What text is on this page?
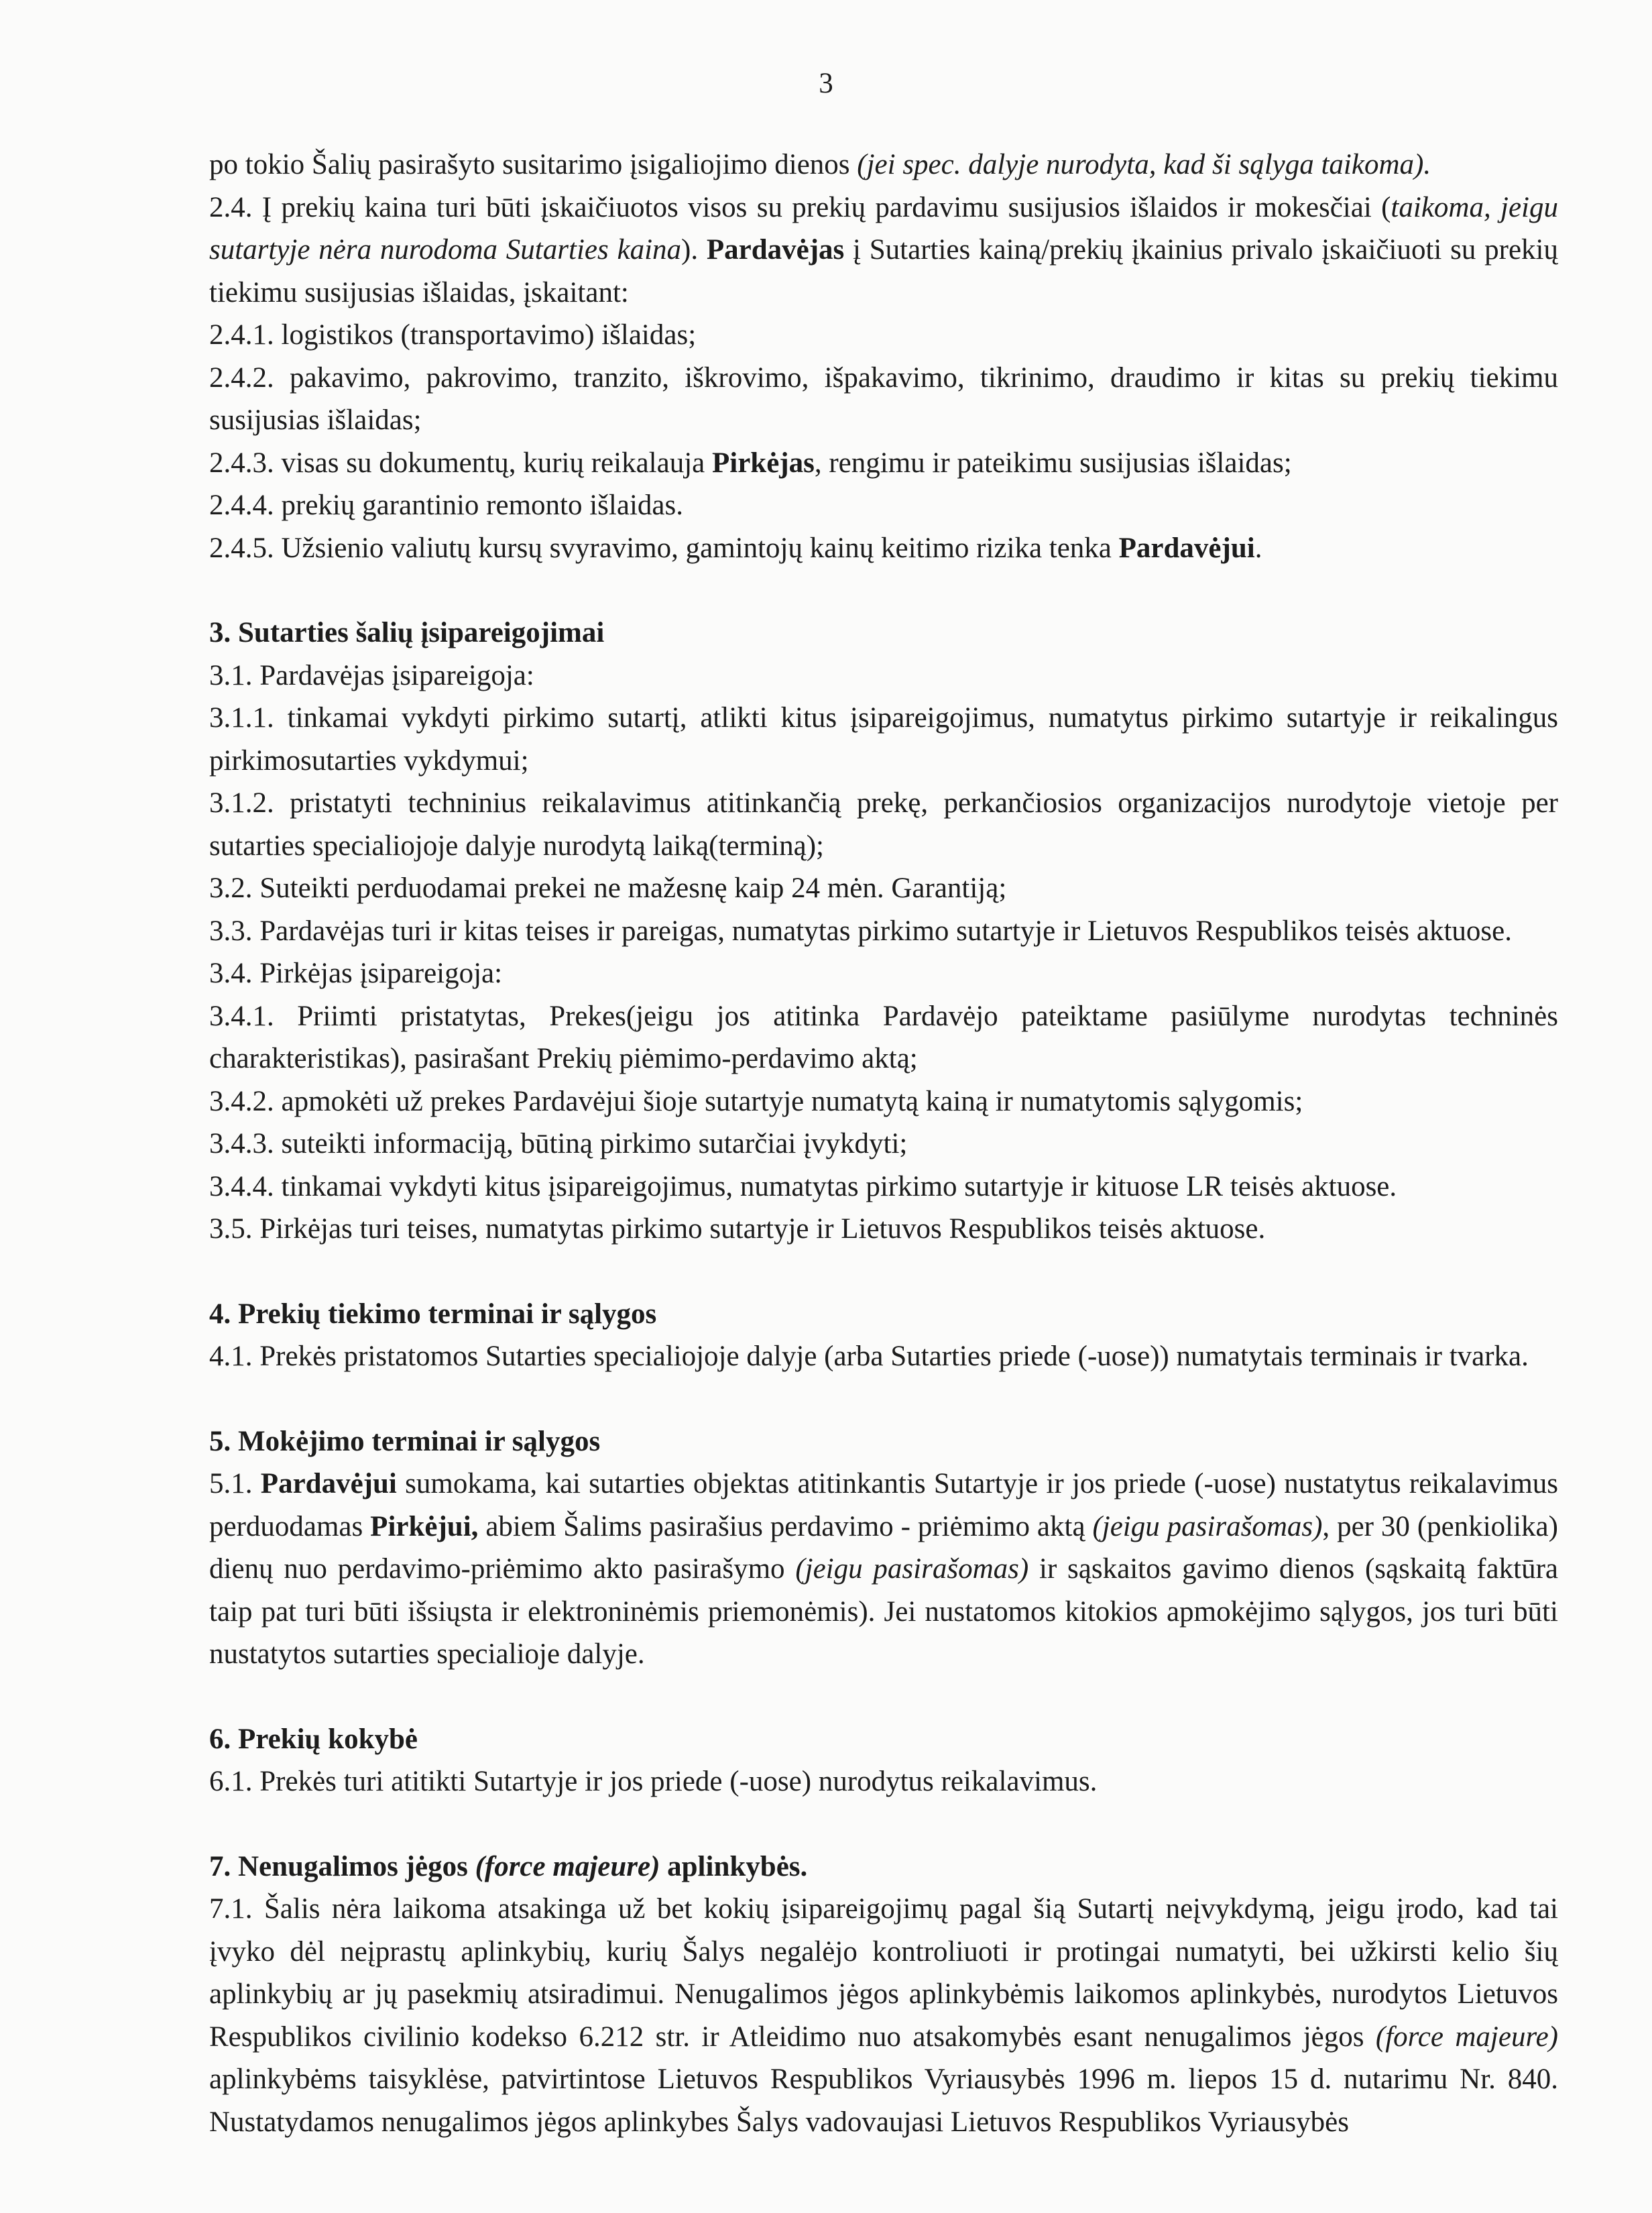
3

po tokio Šalių pasirašyto susitarimo įsigaliojimo dienos (jei spec. dalyje nurodyta, kad ši sąlyga taikoma).

2.4. Į prekių kaina turi būti įskaičiuotos visos su prekių pardavimu susijusios išlaidos ir mokesčiai (taikoma, jeigu sutartyje nėra nurodoma Sutarties kaina). Pardavėjas į Sutarties kainą/prekių įkainius privalo įskaičiuoti su prekių tiekimu susijusias išlaidas, įskaitant:

2.4.1. logistikos (transportavimo) išlaidas;

2.4.2. pakavimo, pakrovimo, tranzito, iškrovimo, išpakavimo, tikrinimo, draudimo ir kitas su prekių tiekimu susijusias išlaidas;

2.4.3. visas su dokumentų, kurių reikalauja Pirkėjas, rengimu ir pateikimu susijusias išlaidas;

2.4.4. prekių garantinio remonto išlaidas.

2.4.5. Užsienio valiutų kursų svyravimo, gamintojų kainų keitimo rizika tenka Pardavėjui.

3. Sutarties šalių įsipareigojimai

3.1. Pardavėjas įsipareigoja:

3.1.1. tinkamai vykdyti pirkimo sutartį, atlikti kitus įsipareigojimus, numatytus pirkimo sutartyje ir reikalingus pirkimosutarties vykdymui;

3.1.2. pristatyti techninius reikalavimus atitinkančią prekę, perkančiosios organizacijos nurodytoje vietoje per sutarties specialiojoje dalyje nurodytą laiką(terminą);

3.2. Suteikti perduodamai prekei ne mažesnę kaip 24 mėn. Garantiją;

3.3. Pardavėjas turi ir kitas teises ir pareigas, numatytas pirkimo sutartyje ir Lietuvos Respublikos teisės aktuose.

3.4. Pirkėjas įsipareigoja:

3.4.1. Priimti pristatytas, Prekes(jeigu jos atitinka Pardavėjo pateiktame pasiūlyme nurodytas techninės charakteristikas), pasirašant Prekių piėmimo-perdavimo aktą;

3.4.2. apmokėti už prekes Pardavėjui šioje sutartyje numatytą kainą ir numatytomis sąlygomis;

3.4.3. suteikti informaciją, būtiną pirkimo sutarčiai įvykdyti;

3.4.4. tinkamai vykdyti kitus įsipareigojimus, numatytas pirkimo sutartyje ir kituose LR teisės aktuose.

3.5. Pirkėjas turi teises, numatytas pirkimo sutartyje ir Lietuvos Respublikos teisės aktuose.

4. Prekių tiekimo terminai ir sąlygos

4.1. Prekės pristatomos Sutarties specialiojoje dalyje (arba Sutarties priede (-uose)) numatytais terminais ir tvarka.

5. Mokėjimo terminai ir sąlygos

5.1. Pardavėjui sumokama, kai sutarties objektas atitinkantis Sutartyje ir jos priede (-uose) nustatytus reikalavimus perduodamas Pirkėjui, abiem Šalims pasirašius perdavimo - priėmimo aktą (jeigu pasirašomas), per 30 (penkiolika) dienų nuo perdavimo-priėmimo akto pasirašymo (jeigu pasirašomas) ir sąskaitos gavimo dienos (sąskaitą faktūra taip pat turi būti išsiųsta ir elektroninėmis priemonėmis). Jei nustatomos kitokios apmokėjimo sąlygos, jos turi būti nustatytos sutarties specialioje dalyje.

6. Prekių kokybė

6.1. Prekės turi atitikti Sutartyje ir jos priede (-uose) nurodytus reikalavimus.

7. Nenugalimos jėgos (force majeure) aplinkybės.

7.1. Šalis nėra laikoma atsakinga už bet kokių įsipareigojimų pagal šią Sutartį neįvykdymą, jeigu įrodo, kad tai įvyko dėl neįprastų aplinkybių, kurių Šalys negalėjo kontroliuoti ir protingai numatyti, bei užkirsti kelio šių aplinkybių ar jų pasekmių atsiradimui. Nenugalimos jėgos aplinkybėmis laikomos aplinkybės, nurodytos Lietuvos Respublikos civilinio kodekso 6.212 str. ir Atleidimo nuo atsakomybės esant nenugalimos jėgos (force majeure) aplinkybėms taisyklėse, patvirtintose Lietuvos Respublikos Vyriausybės 1996 m. liepos 15 d. nutarimu Nr. 840. Nustatydamos nenugalimos jėgos aplinkybes Šalys vadovaujasi Lietuvos Respublikos Vyriausybės
